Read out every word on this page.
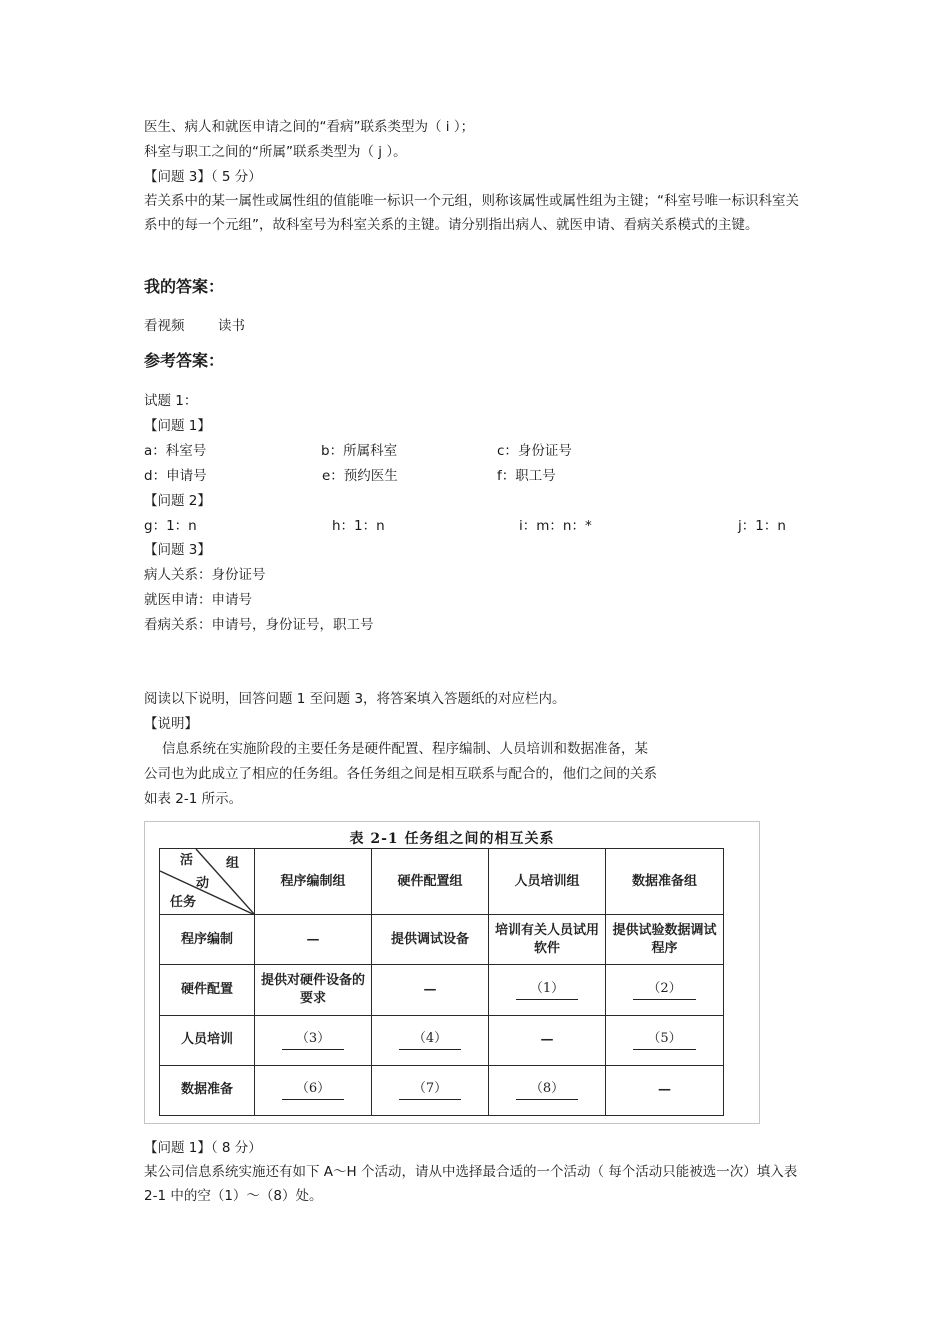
医生、病人和就医申请之间的“看病”联系类型为（ i ）；
科室与职工之间的“所属”联系类型为（ j ）。
【问题 3】（ 5 分）
若关系中的某一属性或属性组的值能唯一标识一个元组，则称该属性或属性组为主键；“科室号唯一标识科室关系中的每一个元组”，故科室号为科室关系的主键。请分别指出病人、就医申请、看病关系模式的主键。
我的答案：
看视频 读书
参考答案：
试题 1：
【问题 1】
a：科室号	b：所属科室	c：身份证号
d：申请号	e：预约医生	f：职工号
【问题 2】
g：1：n	h：1：n	i：m：n：*	j：1：n
【问题 3】
病人关系：身份证号
就医申请：申请号
看病关系：申请号，身份证号，职工号
阅读以下说明，回答问题 1 至问题 3，将答案填入答题纸的对应栏内。
【说明】
信息系统在实施阶段的主要任务是硬件配置、程序编制、人员培训和数据准备，某
公司也为此成立了相应的任务组。各任务组之间是相互联系与配合的，他们之间的关系
如表 2-1 所示。
表 2-1 任务组之间的相互关系
活 组
动
任务	程序编制组	硬件配置组	人员培训组	数据准备组
程序编制	—	提供调试设备	培训有关人员试用软件	提供试验数据调试程序
硬件配置	提供对硬件设备的要求	—	（1）	（2）
人员培训	（3）	（4）	—	（5）
数据准备	（6）	（7）	（8）	—
【问题 1】（ 8 分）
某公司信息系统实施还有如下 A～H 个活动，请从中选择最合适的一个活动（ 每个活动只能被选一次）填入表 2-1 中的空（1）～（8）处。
